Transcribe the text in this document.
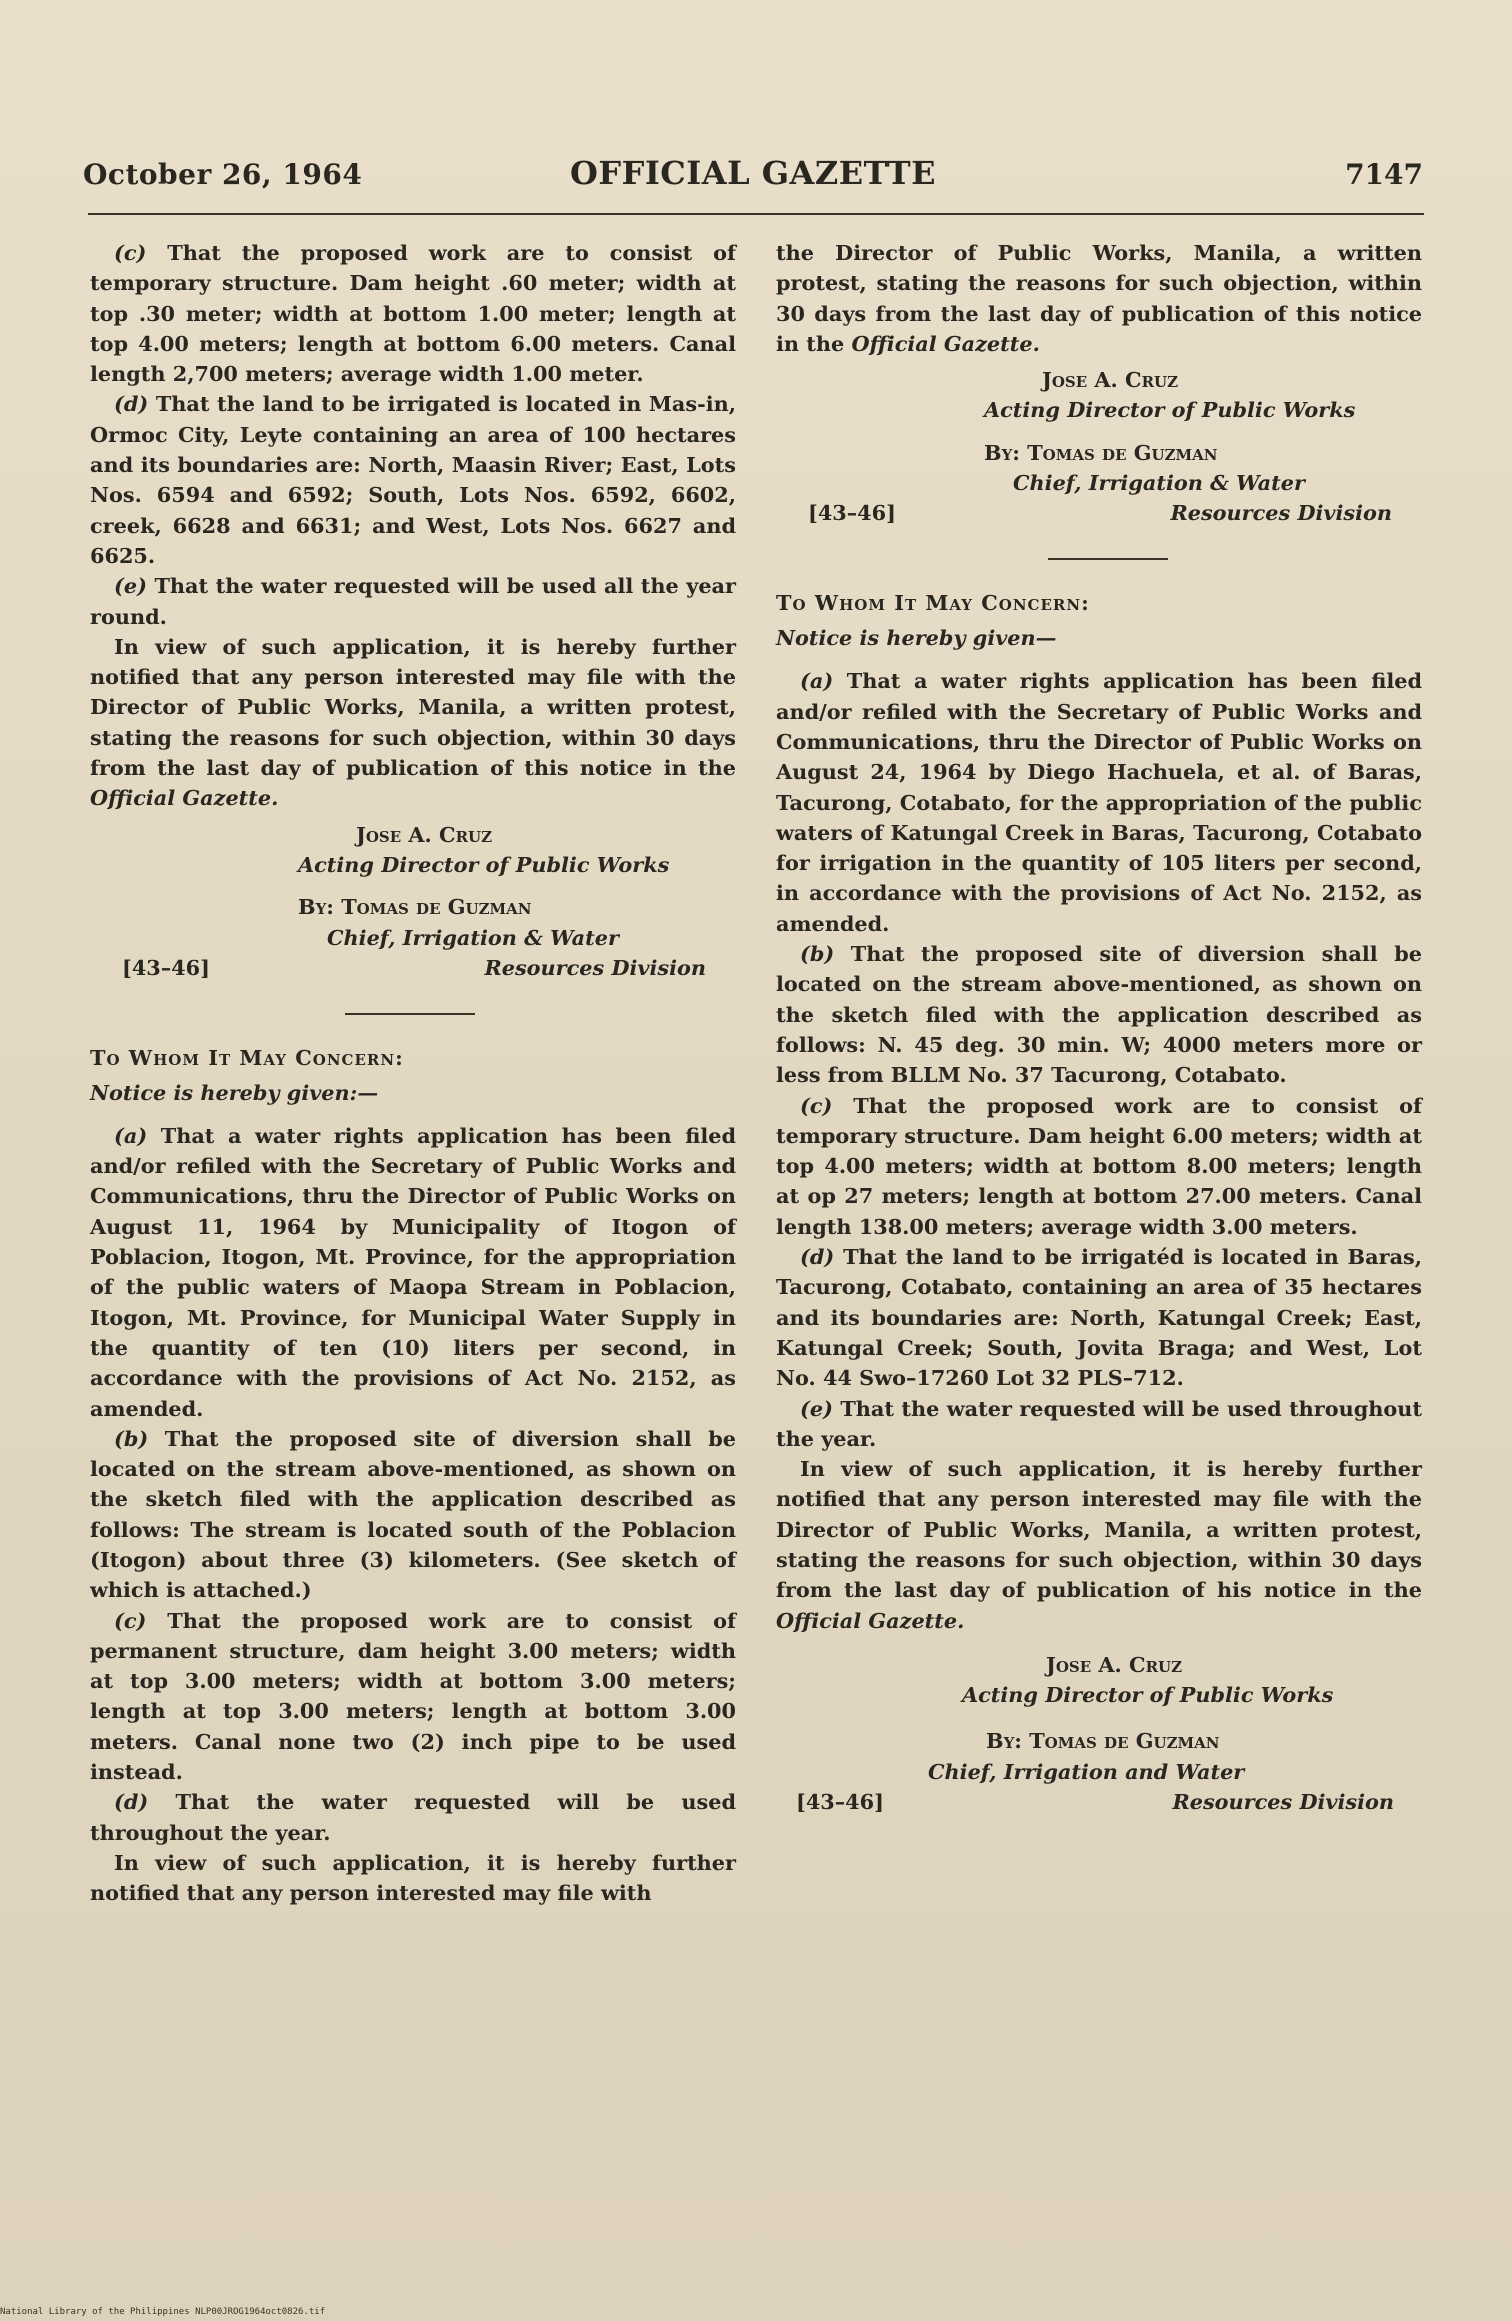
October 26, 1964	OFFICIAL GAZETTE	7147

(c) That the proposed work are to consist of temporary structure. Dam height .60 meter; width at top .30 meter; width at bottom 1.00 meter; length at top 4.00 meters; length at bottom 6.00 meters. Canal length 2,700 meters; average width 1.00 meter.

(d) That the land to be irrigated is located in Mas-in, Ormoc City, Leyte containing an area of 100 hectares and its boundaries are: North, Maasin River; East, Lots Nos. 6594 and 6592; South, Lots Nos. 6592, 6602, creek, 6628 and 6631; and West, Lots Nos. 6627 and 6625.

(e) That the water requested will be used all the year round.

In view of such application, it is hereby further notified that any person interested may file with the Director of Public Works, Manila, a written protest, stating the reasons for such objection, within 30 days from the last day of publication of this notice in the Official Gazette.

Jose A. Cruz
Acting Director of Public Works
By: Tomas de Guzman
Chief, Irrigation & Water
[43–46]	Resources Division
To Whom It May Concern:
Notice is hereby given:—

(a) That a water rights application has been filed and/or refiled with the Secretary of Public Works and Communications, thru the Director of Public Works on August 11, 1964 by Municipality of Itogon of Poblacion, Itogon, Mt. Province, for the appropriation of the public waters of Maopa Stream in Poblacion, Itogon, Mt. Province, for Municipal Water Supply in the quantity of ten (10) liters per second, in accordance with the provisions of Act No. 2152, as amended.

(b) That the proposed site of diversion shall be located on the stream above-mentioned, as shown on the sketch filed with the application described as follows: The stream is located south of the Poblacion (Itogon) about three (3) kilometers. (See sketch of which is attached.)

(c) That the proposed work are to consist of permanent structure, dam height 3.00 meters; width at top 3.00 meters; width at bottom 3.00 meters; length at top 3.00 meters; length at bottom 3.00 meters. Canal none two (2) inch pipe to be used instead.

(d) That the water requested will be used throughout the year.

In view of such application, it is hereby further notified that any person interested may file with

the Director of Public Works, Manila, a written protest, stating the reasons for such objection, within 30 days from the last day of publication of this notice in the Official Gazette.

Jose A. Cruz
Acting Director of Public Works
By: Tomas de Guzman
Chief, Irrigation & Water
[43–46]	Resources Division
To Whom It May Concern:
Notice is hereby given—

(a) That a water rights application has been filed and/or refiled with the Secretary of Public Works and Communications, thru the Director of Public Works on August 24, 1964 by Diego Hachuela, et al. of Baras, Tacurong, Cotabato, for the appropriation of the public waters of Katungal Creek in Baras, Tacurong, Cotabato for irrigation in the quantity of 105 liters per second, in accordance with the provisions of Act No. 2152, as amended.

(b) That the proposed site of diversion shall be located on the stream above-mentioned, as shown on the sketch filed with the application described as follows: N. 45 deg. 30 min. W; 4000 meters more or less from BLLM No. 37 Tacurong, Cotabato.

(c) That the proposed work are to consist of temporary structure. Dam height 6.00 meters; width at top 4.00 meters; width at bottom 8.00 meters; length at op 27 meters; length at bottom 27.00 meters. Canal length 138.00 meters; average width 3.00 meters.

(d) That the land to be irrigatéd is located in Baras, Tacurong, Cotabato, containing an area of 35 hectares and its boundaries are: North, Katungal Creek; East, Katungal Creek; South, Jovita Braga; and West, Lot No. 44 Swo–17260 Lot 32 PLS–712.

(e) That the water requested will be used throughout the year.

In view of such application, it is hereby further notified that any person interested may file with the Director of Public Works, Manila, a written protest, stating the reasons for such objection, within 30 days from the last day of publication of his notice in the Official Gazette.

Jose A. Cruz
Acting Director of Public Works
By: Tomas de Guzman
Chief, Irrigation and Water
[43–46]	Resources Division
National Library of the Philippines NLP00JROG1964oct0826.tif
